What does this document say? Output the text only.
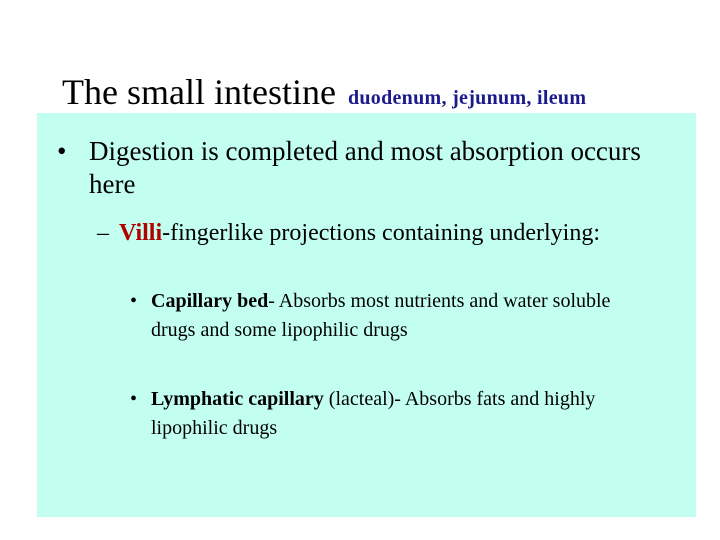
The small intestine duodenum, jejunum, ileum
• Digestion is completed and most absorption occurs here
– Villi-fingerlike projections containing underlying:
• Capillary bed- Absorbs most nutrients and water soluble drugs and some lipophilic drugs
• Lymphatic capillary (lacteal)- Absorbs fats and highly lipophilic drugs
